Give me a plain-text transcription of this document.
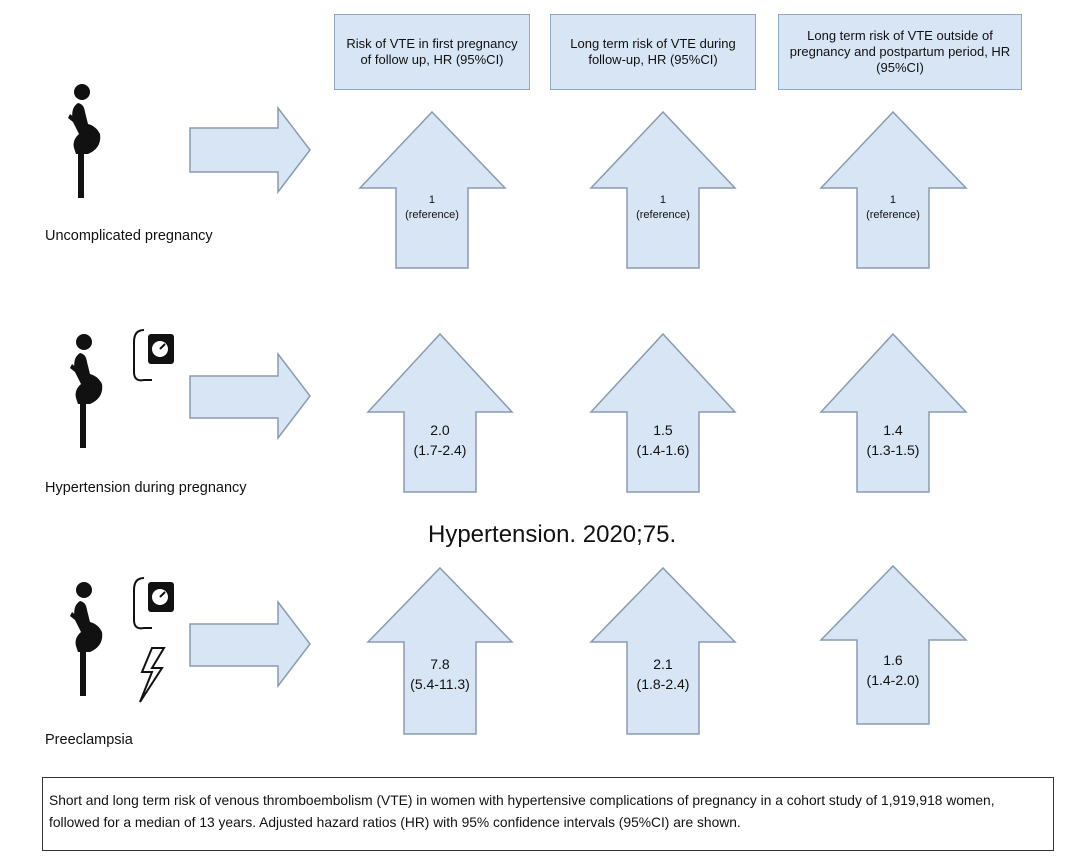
Risk of VTE in first pregnancy
of follow up, HR (95%CI)
Long term risk of VTE during
follow-up, HR (95%CI)
Long term risk of VTE outside of
pregnancy and postpartum period, HR
(95%CI)
Uncomplicated pregnancy
Hypertension during pregnancy
Preeclampsia
1
(reference)
1
(reference)
1
(reference)
2.0
(1.7-2.4)
1.5
(1.4-1.6)
1.4
(1.3-1.5)
Hypertension. 2020;75.
7.8
(5.4-11.3)
2.1
(1.8-2.4)
1.6
(1.4-2.0)
Short and long term risk of venous thromboembolism (VTE) in women with hypertensive complications of pregnancy in a cohort study of 1,919,918 women,
followed for a median of 13 years. Adjusted hazard ratios (HR) with 95% confidence intervals (95%CI) are shown.
